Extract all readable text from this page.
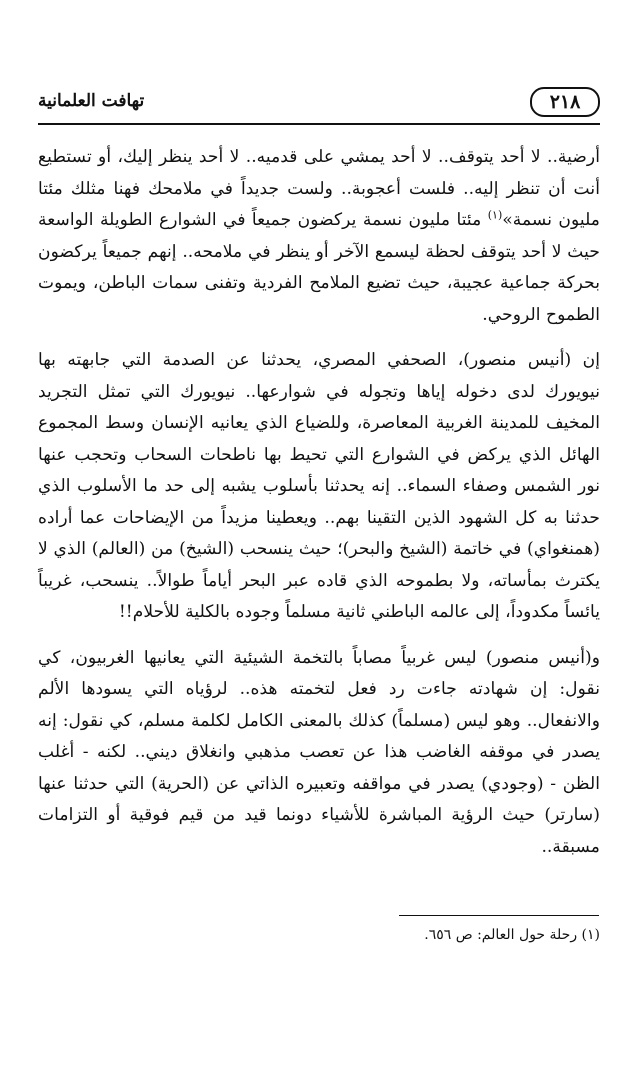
٢١٨
تهافت العلمانية

أرضية.. لا أحد يتوقف.. لا أحد يمشي على قدميه.. لا أحد ينظر إليك، أو تستطيع أنت أن تنظر إليه.. فلست أعجوبة.. ولست جديداً في ملامحك فهنا مثلك مئتا مليون نسمة»$^{(١)}$ مئتا مليون نسمة يركضون جميعاً في الشوارع الطويلة الواسعة حيث لا أحد يتوقف لحظة ليسمع الآخر أو ينظر في ملامحه.. إنهم جميعاً يركضون بحركة جماعية عجيبة، حيث تضيع الملامح الفردية وتفنى سمات الباطن، ويموت الطموح الروحي.

إن (أنيس منصور)، الصحفي المصري، يحدثنا عن الصدمة التي جابهته بها نيويورك لدى دخوله إياها وتجوله في شوارعها.. نيويورك التي تمثل التجريد المخيف للمدينة الغربية المعاصرة، وللضياع الذي يعانيه الإنسان وسط المجموع الهائل الذي يركض في الشوارع التي تحيط بها ناطحات السحاب وتحجب عنها نور الشمس وصفاء السماء.. إنه يحدثنا بأسلوب يشبه إلى حد ما الأسلوب الذي حدثنا به كل الشهود الذين التقينا بهم.. ويعطينا مزيداً من الإيضاحات عما أراده (همنغواي) في خاتمة (الشيخ والبحر)؛ حيث ينسحب (الشيخ) من (العالم) الذي لا يكترث بمأساته، ولا بطموحه الذي قاده عبر البحر أياماً طوالاً.. ينسحب، غريباً يائساً مكدوداً، إلى عالمه الباطني ثانية مسلماً وجوده بالكلية للأحلام!!

و(أنيس منصور) ليس غربياً مصاباً بالتخمة الشيئية التي يعانيها الغربيون، كي نقول: إن شهادته جاءت رد فعل لتخمته هذه.. لرؤياه التي يسودها الألم والانفعال.. وهو ليس (مسلماً) كذلك بالمعنى الكامل لكلمة مسلم، كي نقول: إنه يصدر في موقفه الغاضب هذا عن تعصب مذهبي وانغلاق ديني.. لكنه - أغلب الظن - (وجودي) يصدر في مواقفه وتعبيره الذاتي عن (الحرية) التي حدثنا عنها (سارتر) حيث الرؤية المباشرة للأشياء دونما قيد من قيم فوقية أو التزامات مسبقة..

(١) رحلة حول العالم: ص ٦٥٦.
